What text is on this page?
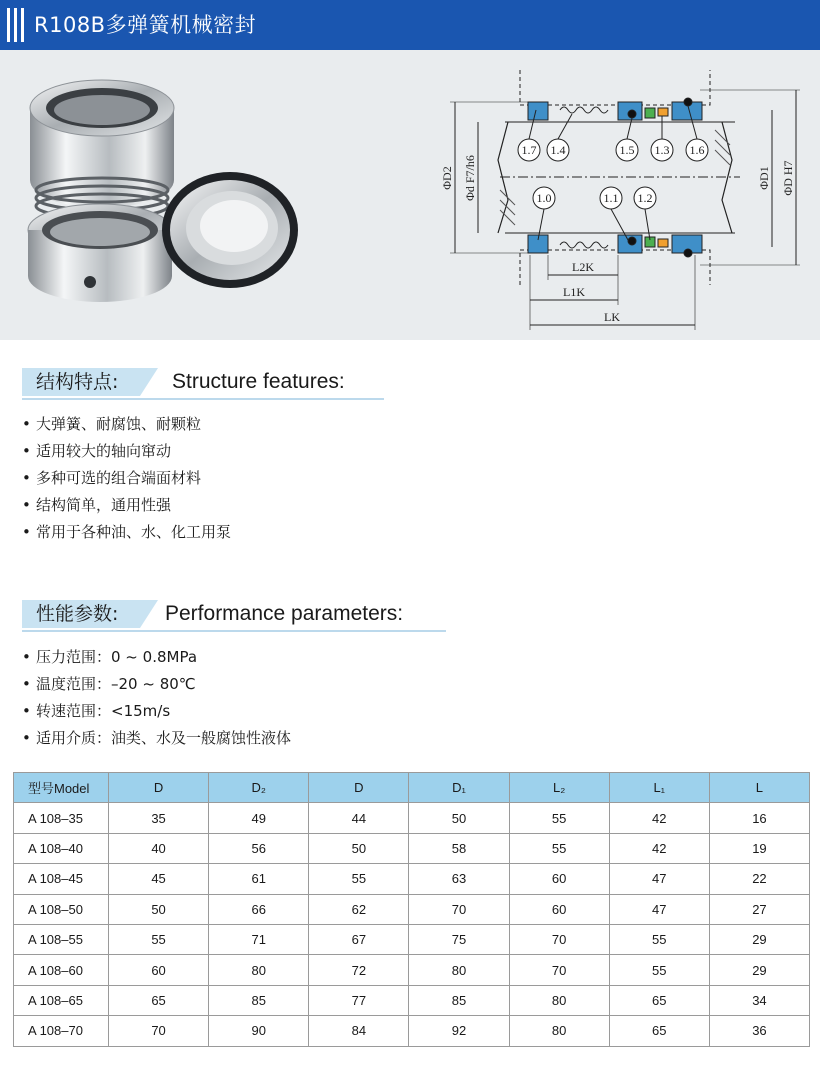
R108B多弹簧机械密封
1.7 1.4	1.5 1.3 1.6
1.0	1.1 1.2
L2K
L1K
LK
ΦD2 Φd F7/h6	ΦD1 ΦD H7
结构特点:	Structure features:
• 大弹簧、耐腐蚀、耐颗粒
• 适用较大的轴向窜动
• 多种可选的组合端面材料
• 结构简单，通用性强
• 常用于各种油、水、化工用泵
性能参数:	Performance parameters:
• 压力范围：0 ~ 0.8MPa
• 温度范围：–20 ~ 80℃
• 转速范围：<15m/s
• 适用介质：油类、水及一般腐蚀性液体
型号Model	D	D₂	D	D₁	L₂	L₁	L
A 108–35	35	49	44	50	55	42	16
A 108–40	40	56	50	58	55	42	19
A 108–45	45	61	55	63	60	47	22
A 108–50	50	66	62	70	60	47	27
A 108–55	55	71	67	75	70	55	29
A 108–60	60	80	72	80	70	55	29
A 108–65	65	85	77	85	80	65	34
A 108–70	70	90	84	92	80	65	36
